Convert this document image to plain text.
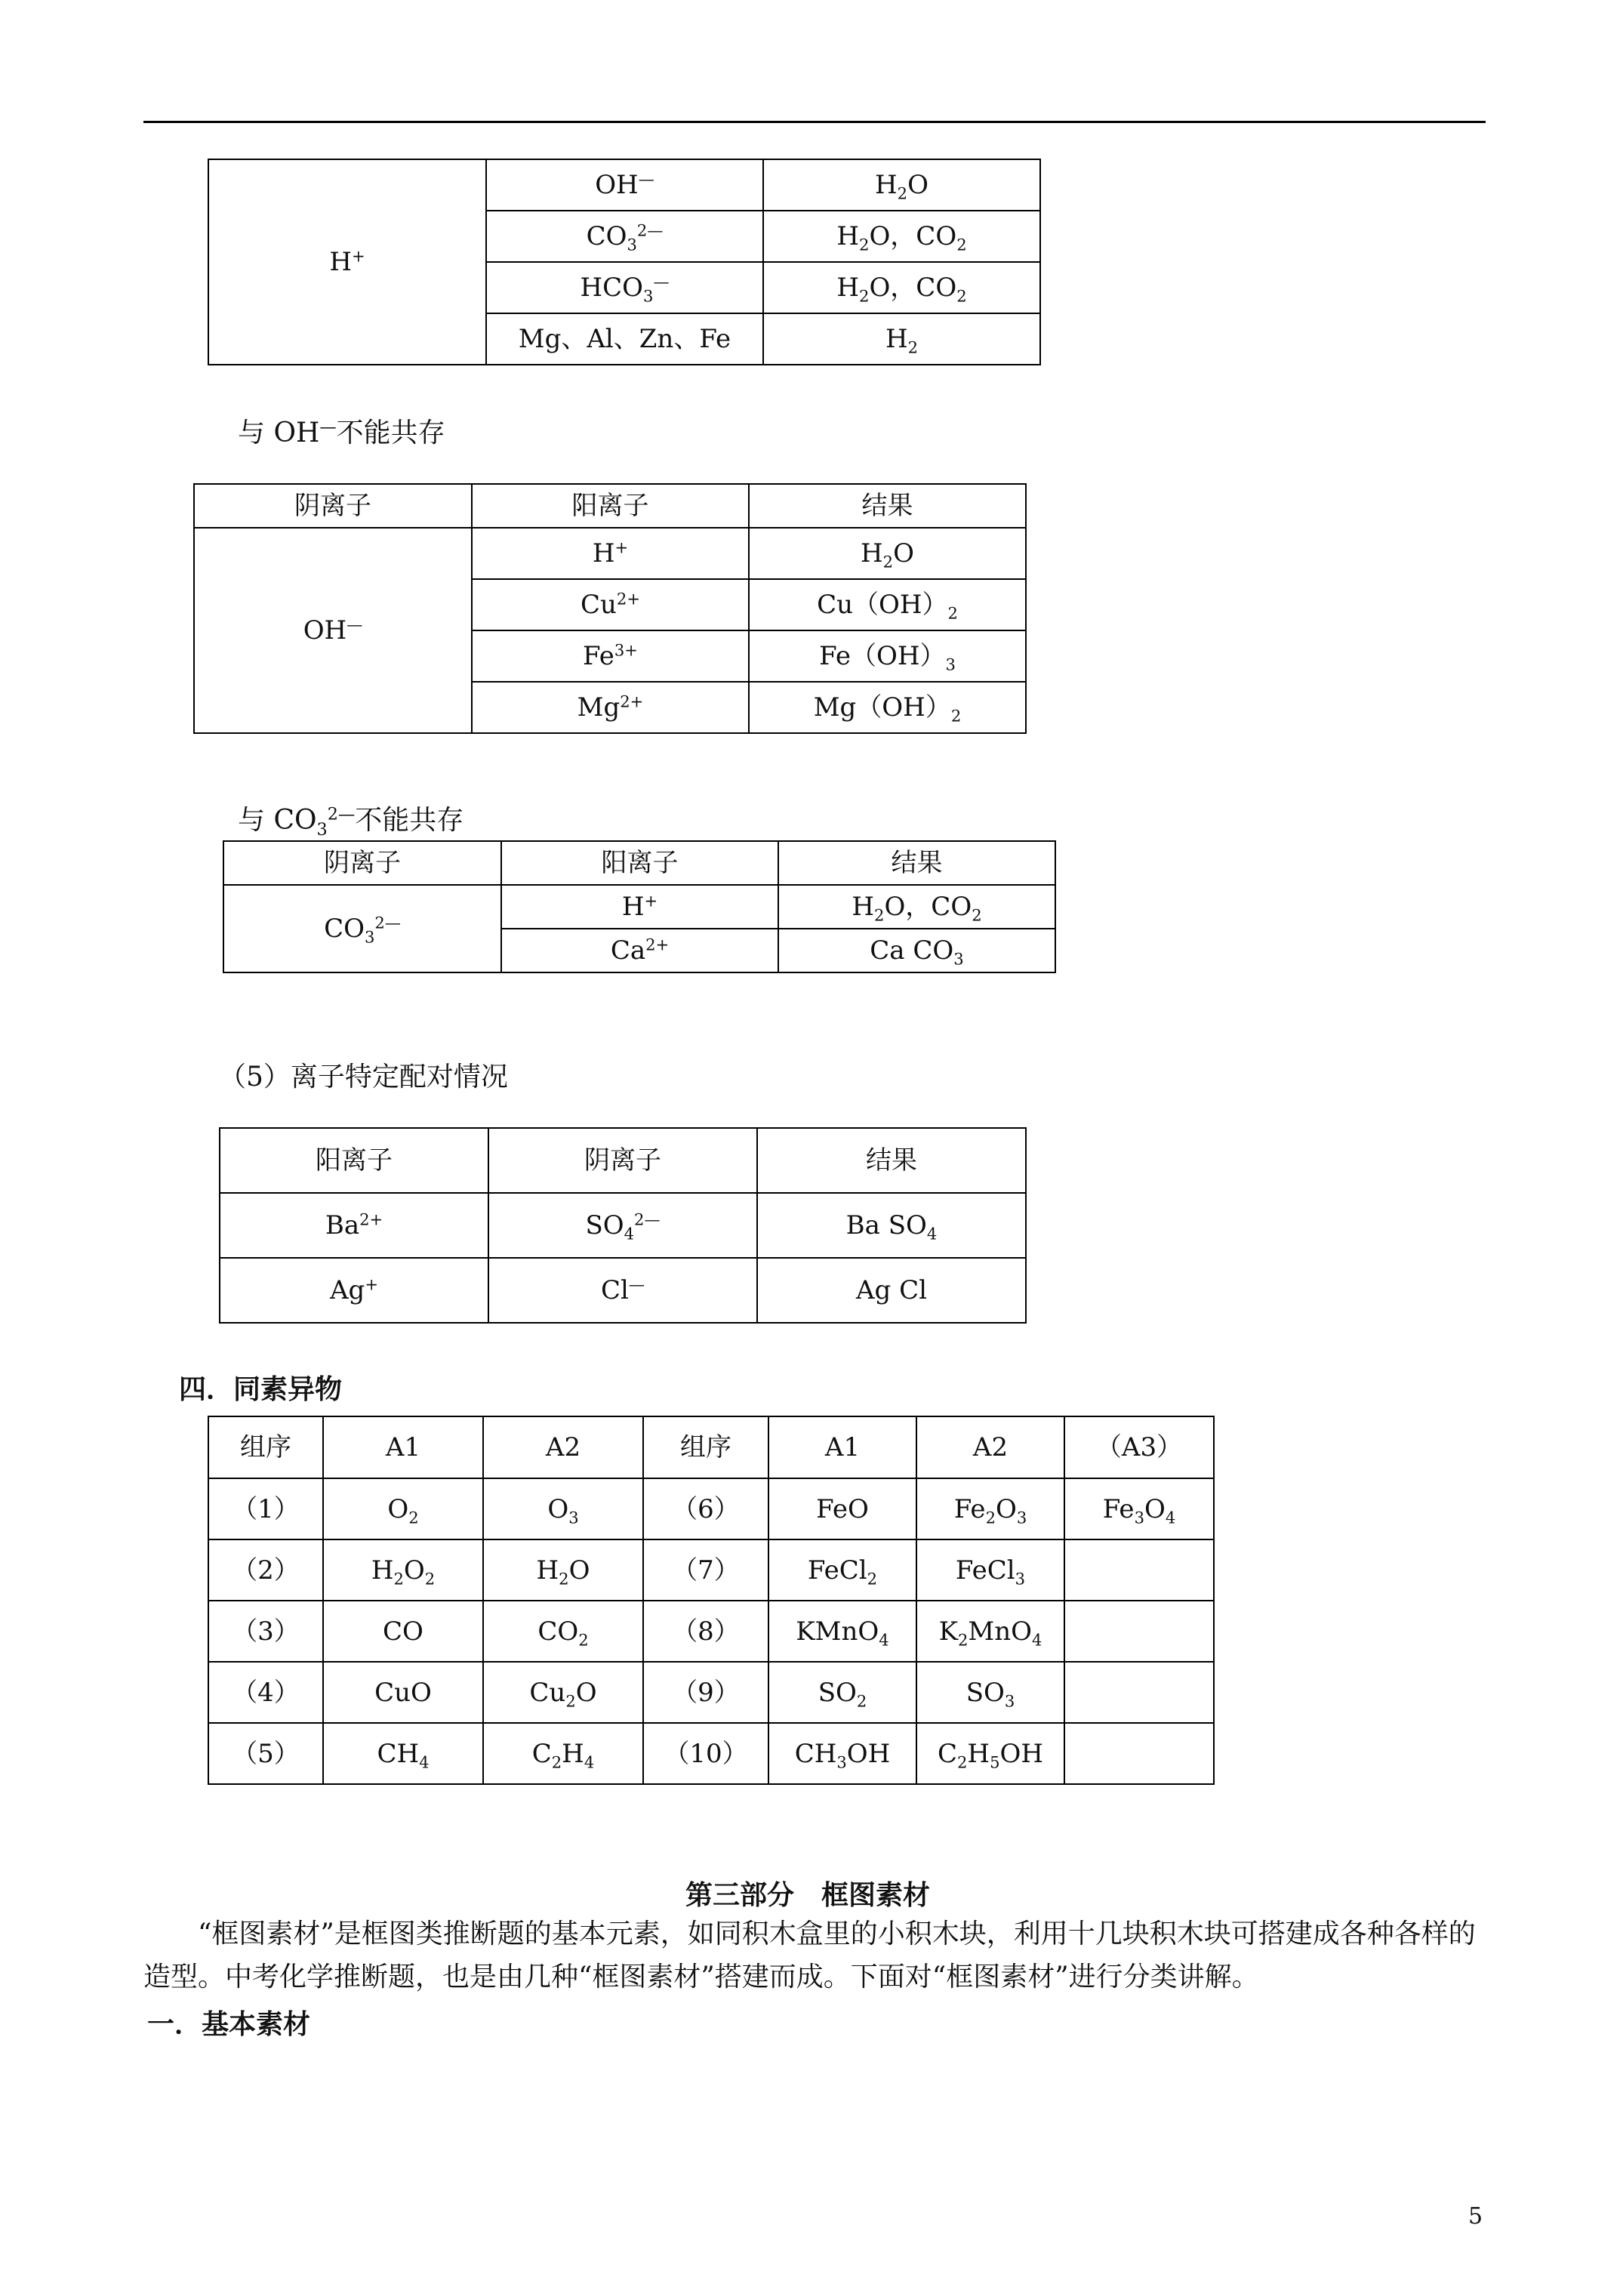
H+	OH—	$H_2O$
	$CO_3^{2—}$	$H_2O$，$CO_2$
	$HCO_3^—$	$H_2O$，$CO_2$
	Mg、Al、Zn、Fe	$H_2$
与 OH—不能共存
阴离子	阳离子	结果
OH—	H+	$H_2O$
	$Cu^{2+}$	$Cu(OH)_2$
	$Fe^{3+}$	$Fe(OH)_3$
	$Mg^{2+}$	$Mg(OH)_2$
与 $CO_3^{2—}$不能共存
阴离子	阳离子	结果
$CO_3^{2—}$	H+	$H_2O$，$CO_2$
	$Ca^{2+}$	Ca $CO_3$
（5）离子特定配对情况
阳离子	阴离子	结果
$Ba^{2+}$	$SO_4^{2—}$	Ba $SO_4$
Ag+	Cl—	Ag Cl
四．同素异物
组序	A1	A2	组序	A1	A2	（A3）
（1）	$O_2$	$O_3$	（6）	FeO	$Fe_2O_3$	$Fe_3O_4$
（2）	$H_2O_2$	$H_2O$	（7）	FeCl$_2$	FeCl$_3$	
（3）	CO	$CO_2$	（8）	KMnO$_4$	$K_2MnO_4$	
（4）	CuO	$Cu_2O$	（9）	$SO_2$	$SO_3$	
（5）	$CH_4$	$C_2H_4$	（10）	$CH_3OH$	$C_2H_5OH$	
第三部分　框图素材
“框图素材”是框图类推断题的基本元素，如同积木盒里的小积木块，利用十几块积木块可搭建成各种各样的造型。中考化学推断题，也是由几种“框图素材”搭建而成。下面对“框图素材”进行分类讲解。
一．基本素材
5
